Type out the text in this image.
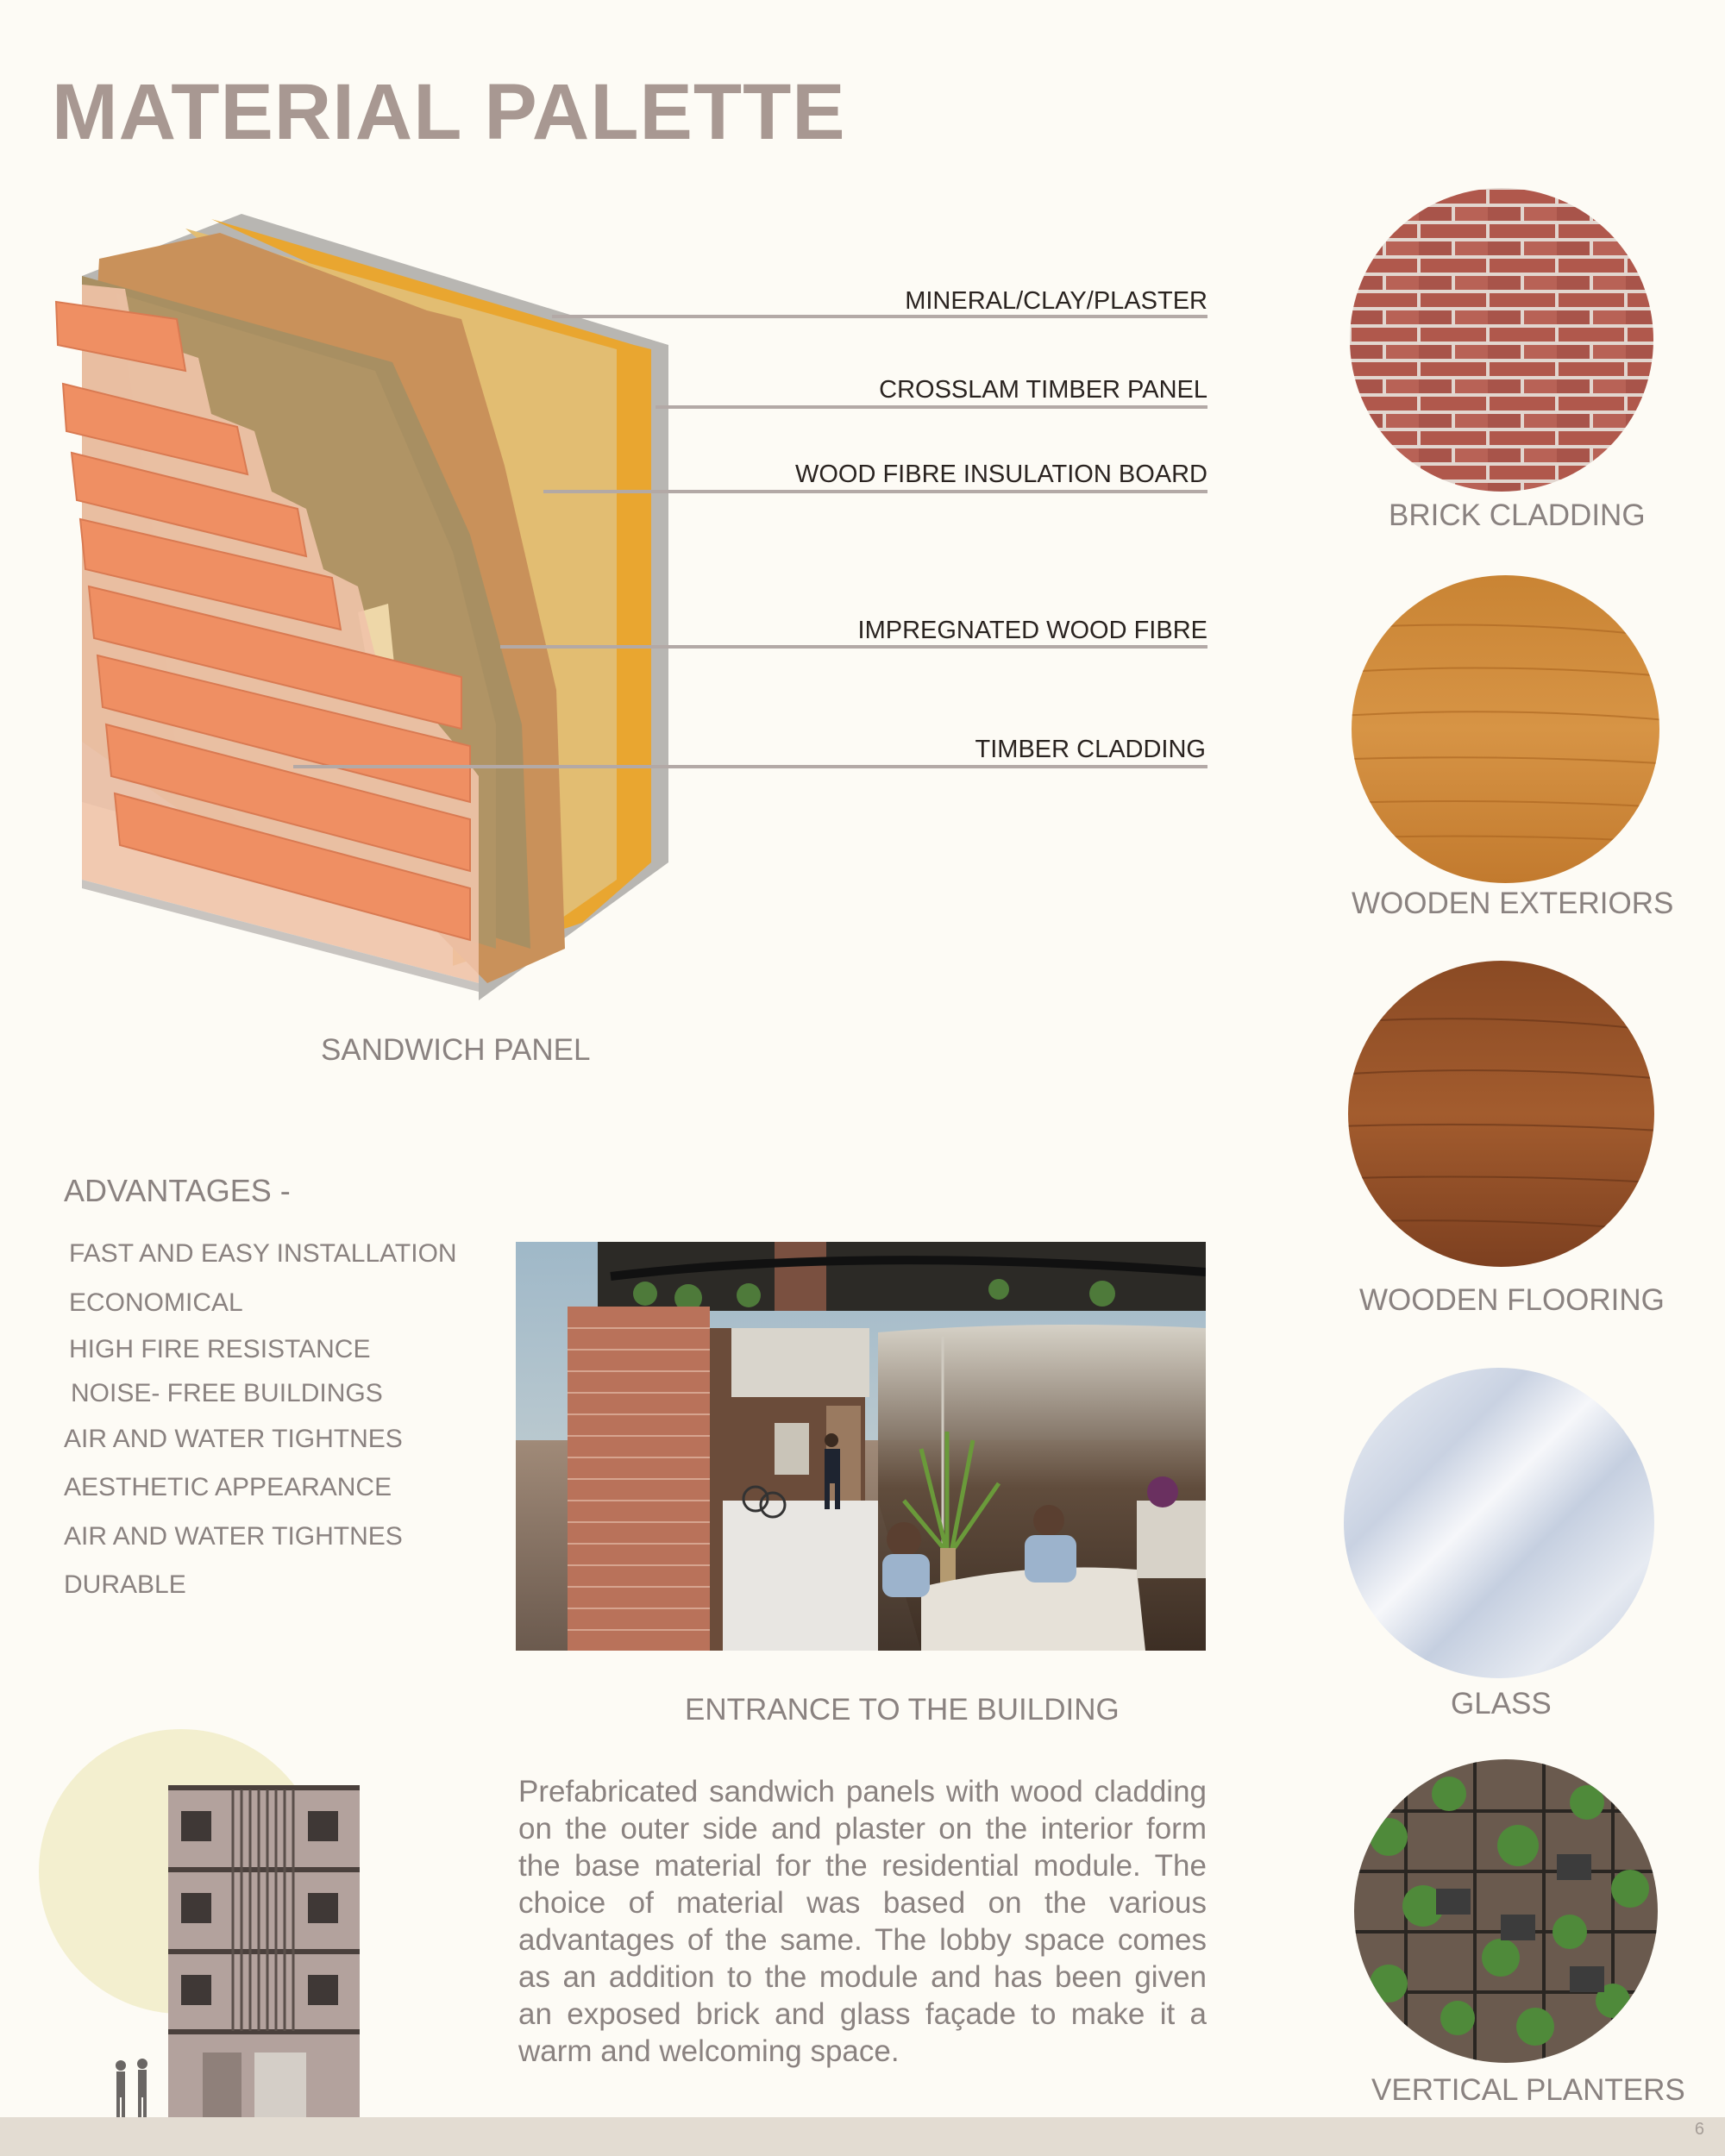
MATERIAL PALETTE
MINERAL/CLAY/PLASTER
CROSSLAM TIMBER PANEL
WOOD FIBRE INSULATION BOARD
IMPREGNATED WOOD FIBRE
TIMBER CLADDING
SANDWICH PANEL
ADVANTAGES -
FAST AND EASY INSTALLATION
ECONOMICAL
HIGH FIRE RESISTANCE
NOISE- FREE BUILDINGS
AIR AND WATER TIGHTNES
AESTHETIC APPEARANCE
AIR AND WATER TIGHTNES
DURABLE
ENTRANCE TO THE BUILDING
Prefabricated sandwich panels with wood cladding on the outer side and plaster on the interior form the base material for the residential module. The choice of material was based on the various advantages of the same. The lobby space comes as an addition to the module and has been given an exposed brick and glass façade to make it a warm and welcoming space.
BRICK CLADDING
WOODEN EXTERIORS
WOODEN FLOORING
GLASS
VERTICAL PLANTERS
6
